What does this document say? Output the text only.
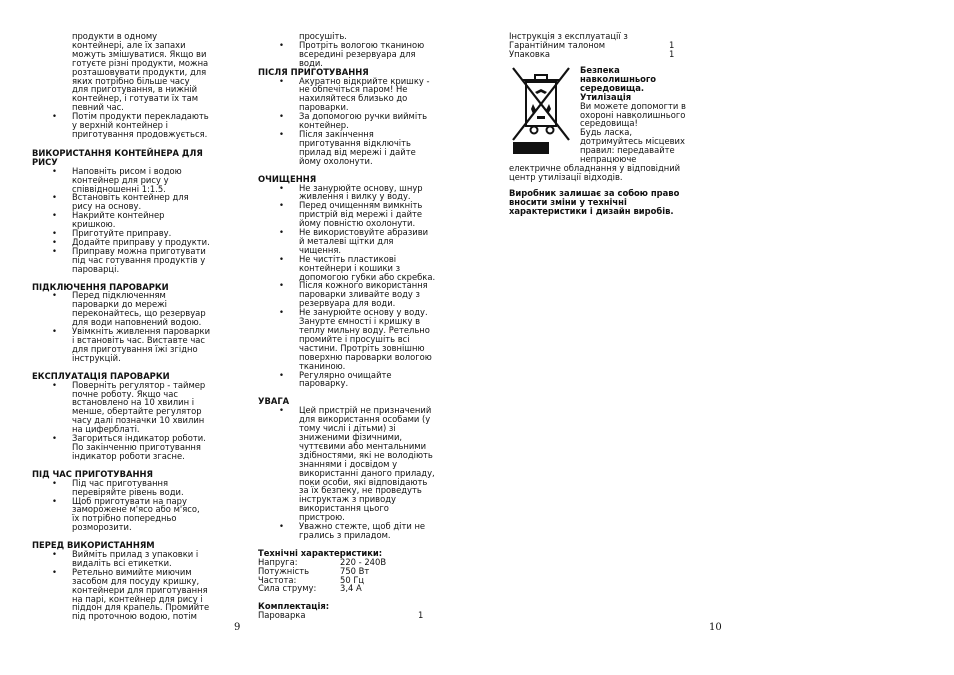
продукти в одному
контейнері, але їх запахи
можуть змішуватися. Якщо ви
готуєте різні продукти, можна
розташовувати продукти, для
яких потрібно більше часу
для приготування, в нижній
контейнер, і готувати їх там
певний час.
• Потім продукти перекладають
у верхній контейнер і
приготування продовжується.

ВИКОРИСТАННЯ КОНТЕЙНЕРА ДЛЯ
РИСУ

• Наповніть рисом і водою
контейнер для рису у
співвідношенні 1:1.5.
• Встановіть контейнер для
рису на основу.
• Накрийте контейнер
кришкою.
• Приготуйте приправу.
• Додайте приправу у продукти.
• Приправу можна приготувати
під час готування продуктів у
пароварці.

ПІДКЛЮЧЕННЯ ПАРОВАРКИ

• Перед підключенням
пароварки до мережі
переконайтесь, що резервуар
для води наповнений водою.
• Увімкніть живлення пароварки
і встановіть час. Виставте час
для приготування їжі згідно
інструкцій.

ЕКСПЛУАТАЦІЯ ПАРОВАРКИ

• Поверніть регулятор - таймер
почне роботу. Якщо час
встановлено на 10 хвилин і
менше, обертайте регулятор
часу далі позначки 10 хвилин
на циферблаті.
• Загориться індикатор роботи.
По закінченню приготування
індикатор роботи згасне.

ПІД ЧАС ПРИГОТУВАННЯ

• Під час приготування
перевіряйте рівень води.
• Щоб приготувати на пару
заморожене м'ясо або м'ясо,
їх потрібно попередньо
розморозити.

ПЕРЕД ВИКОРИСТАННЯМ

• Вийміть прилад з упаковки і
видаліть всі етикетки.
• Ретельно вимийте миючим
засобом для посуду кришку,
контейнери для приготування
на парі, контейнер для рису і
піддон для крапель. Промийте
під проточною водою, потім
просушіть.
• Протріть вологою тканиною
всередині резервуара для
води.

ПІСЛЯ ПРИГОТУВАННЯ

• Акуратно відкрийте кришку -
не обпечіться паром! Не
нахиляйтеся близько до
пароварки.
• За допомогою ручки вийміть
контейнер.
• Після закінчення
приготування відключіть
прилад від мережі і дайте
йому охолонути.

ОЧИЩЕННЯ

• Не занурюйте основу, шнур
живлення і вилку у воду.
• Перед очищенням вимкніть
пристрій від мережі і дайте
йому повністю охолонути.
• Не використовуйте абразиви
й металеві щітки для
чищення.
• Не чистіть пластикові
контейнери і кошики з
допомогою губки або скребка.
• Після кожного використання
пароварки зливайте воду з
резервуара для води.
• Не занурюйте основу у воду.
Занурте ємності і кришку в
теплу мильну воду. Ретельно
промийте і просушіть всі
частини. Протріть зовнішню
поверхню пароварки вологою
тканиною.
• Регулярно очищайте
пароварку.

УВАГА

• Цей пристрій не призначений
для використання особами (у
тому числі і дітьми) зі
зниженими фізичними,
чуттєвими або ментальними
здібностями, які не володіють
знаннями і досвідом у
використанні даного приладу,
поки особи, які відповідають
за їх безпеку, не проведуть
інструктаж з приводу
використання цього
пристрою.
• Уважно стежте, щоб діти не
грались з приладом.

Технічні характеристики:

Напруга:	220 - 240В
Потужність	750 Вт
Частота:	50 Гц
Сила струму:	3,4 А

Комплектація:

Пароварка	1
Інструкція з експлуатації з
Гарантійним талоном	1
Упаковка	1

Безпека
навколишнього
середовища.
Утилізація

Ви можете допомогти в
охороні навколишнього
середовища!
Будь ласка,
дотримуйтесь місцевих
правил: передавайте
непрацюючe

електричне обладнання у відповідний
центр утилізації відходів.

Виробник залишає за собою право
вносити зміни у технічні
характеристики і дизайн виробів.
9	10
